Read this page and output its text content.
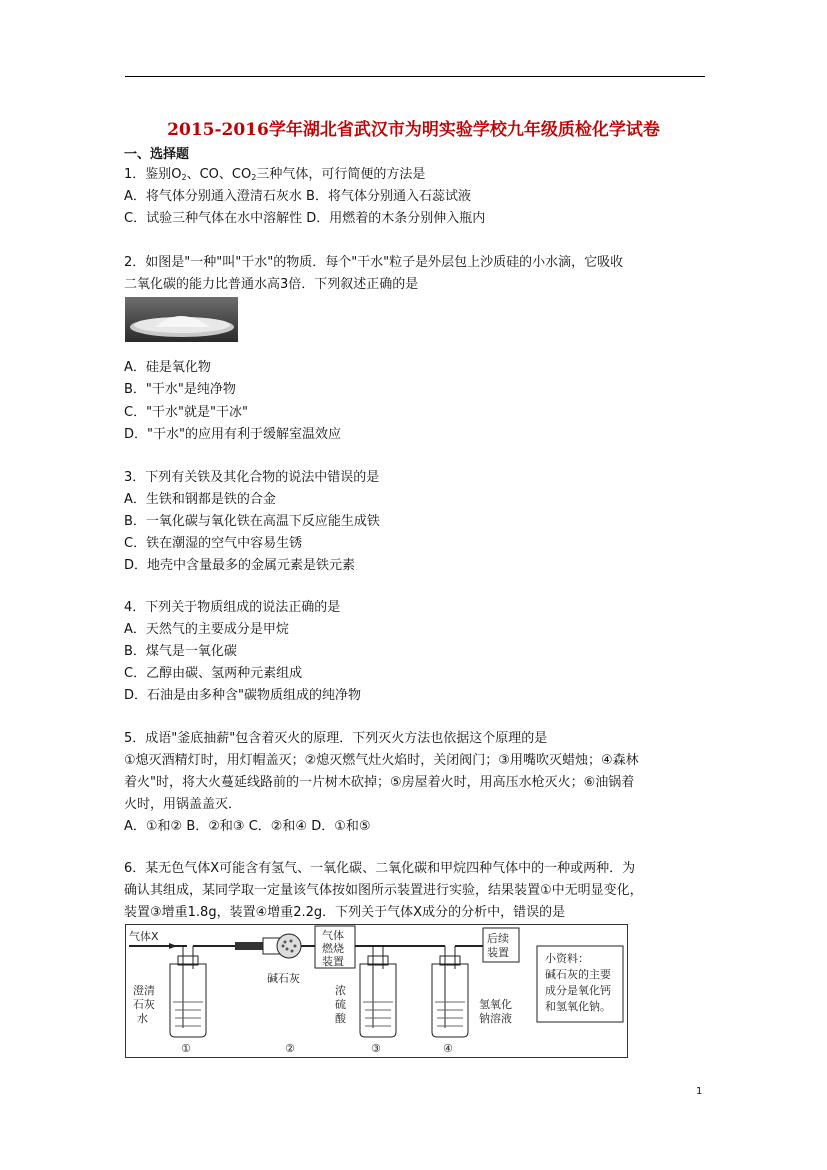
2015-2016学年湖北省武汉市为明实验学校九年级质检化学试卷
一、选择题
1．鉴别$O_2$、CO、$CO_2$三种气体，可行简便的方法是
A．将气体分别通入澄清石灰水 B．将气体分别通入石蕊试液
C．试验三种气体在水中溶解性 D．用燃着的木条分别伸入瓶内
2．如图是"一种"叫"干水"的物质．每个"干水"粒子是外层包上沙质硅的小水滴，它吸收
二氧化碳的能力比普通水高3倍．下列叙述正确的是
A．硅是氧化物
B．"干水"是纯净物
C．"干水"就是"干冰"
D．"干水"的应用有利于缓解室温效应
3．下列有关铁及其化合物的说法中错误的是
A．生铁和钢都是铁的合金
B．一氧化碳与氧化铁在高温下反应能生成铁
C．铁在潮湿的空气中容易生锈
D．地壳中含量最多的金属元素是铁元素
4．下列关于物质组成的说法正确的是
A．天然气的主要成分是甲烷
B．煤气是一氧化碳
C．乙醇由碳、氢两种元素组成
D．石油是由多种含"碳物质组成的纯净物
5．成语"釜底抽薪"包含着灭火的原理．下列灭火方法也依据这个原理的是
①熄灭酒精灯时，用灯帽盖灭；②熄灭燃气灶火焰时，关闭阀门；③用嘴吹灭蜡烛；④森林
着火"时，将大火蔓延线路前的一片树木砍掉；⑤房屋着火时，用高压水枪灭火；⑥油锅着
火时，用锅盖盖灭．
A．①和② B．②和③ C．②和④ D．①和⑤
6．某无色气体X可能含有氢气、一氧化碳、二氧化碳和甲烷四种气体中的一种或两种．为
确认其组成，某同学取一定量该气体按如图所示装置进行实验，结果装置①中无明显变化，
装置③增重1.8g，装置④增重2.2g．下列关于气体X成分的分析中，错误的是
气体X
澄清
石灰
水
碱石灰
气体
燃烧
装置
浓
硫
酸
氢氧化
钠溶液
后续
装置	小资料：
碱石灰的主要
成分是氧化钙
和氢氧化钠。
①	②	③	④
1
